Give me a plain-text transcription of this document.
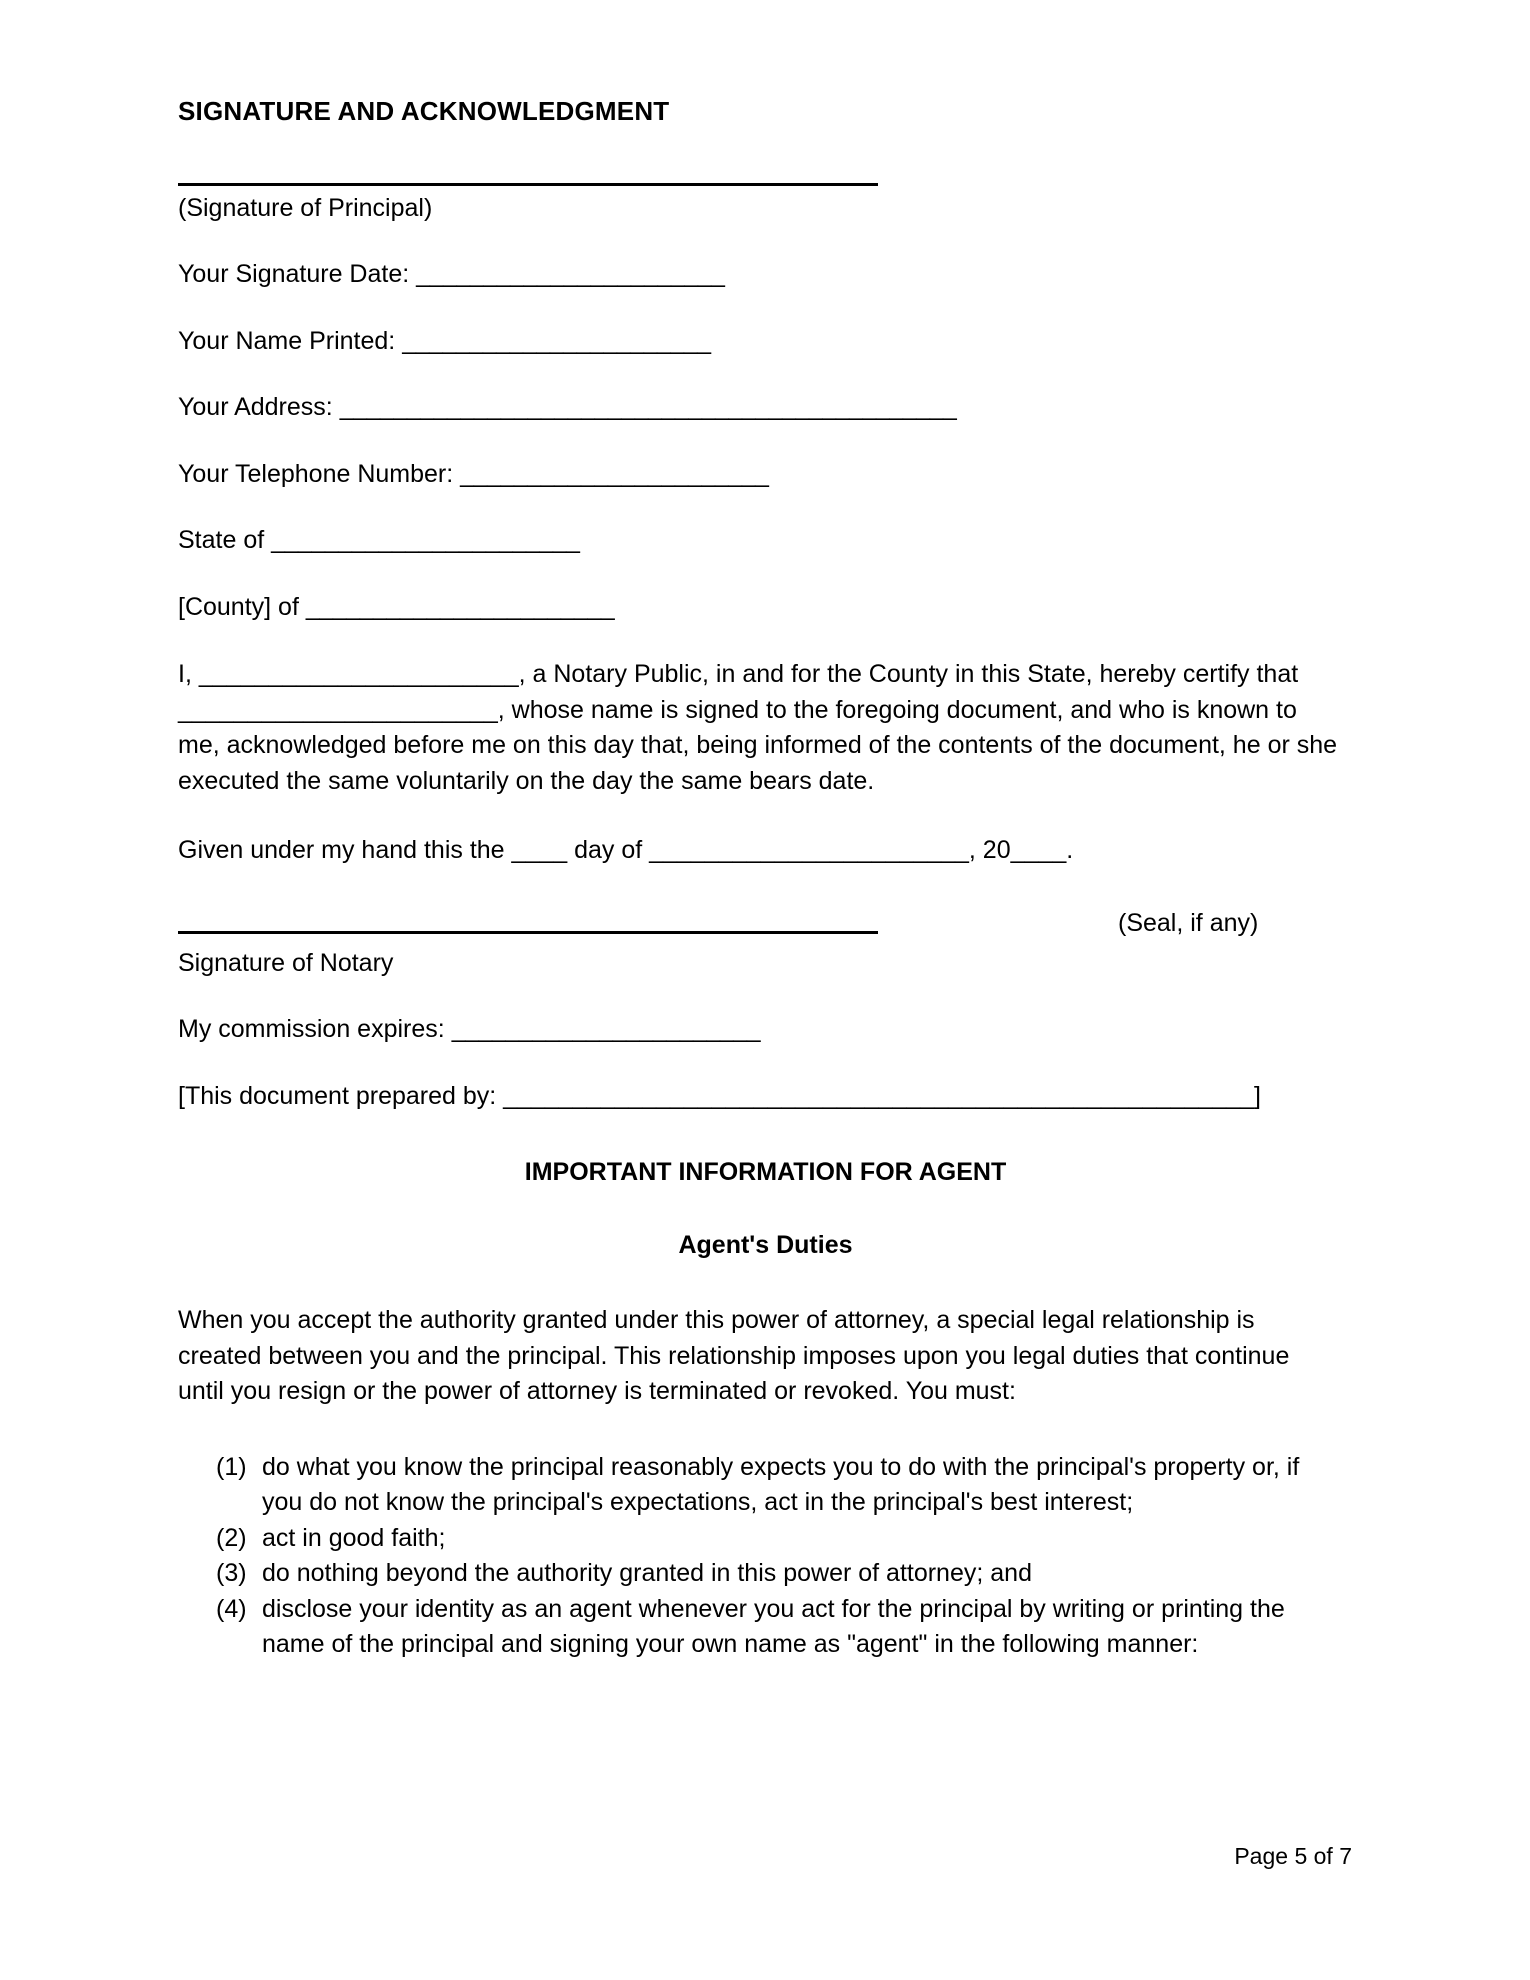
SIGNATURE AND ACKNOWLEDGMENT
(Signature of Principal)
Your Signature Date: _______________________
Your Name Printed: _______________________
Your Address: ______________________________________________
Your Telephone Number: _______________________
State of _______________________
[County] of _______________________

I, _______________________, a Notary Public, in and for the County in this State, hereby certify that _______________________, whose name is signed to the foregoing document, and who is known to me, acknowledged before me on this day that, being informed of the contents of the document, he or she executed the same voluntarily on the day the same bears date.

Given under my hand this the ____ day of _______________________, 20____.

(Seal, if any)
Signature of Notary
My commission expires: _______________________
[This document prepared by: ______________________________________________________]
IMPORTANT INFORMATION FOR AGENT
Agent's Duties

When you accept the authority granted under this power of attorney, a special legal relationship is created between you and the principal. This relationship imposes upon you legal duties that continue until you resign or the power of attorney is terminated or revoked. You must:

(1) do what you know the principal reasonably expects you to do with the principal's property or, if you do not know the principal's expectations, act in the principal's best interest;
(2) act in good faith;
(3) do nothing beyond the authority granted in this power of attorney; and
(4) disclose your identity as an agent whenever you act for the principal by writing or printing the name of the principal and signing your own name as "agent" in the following manner:
Page 5 of 7
